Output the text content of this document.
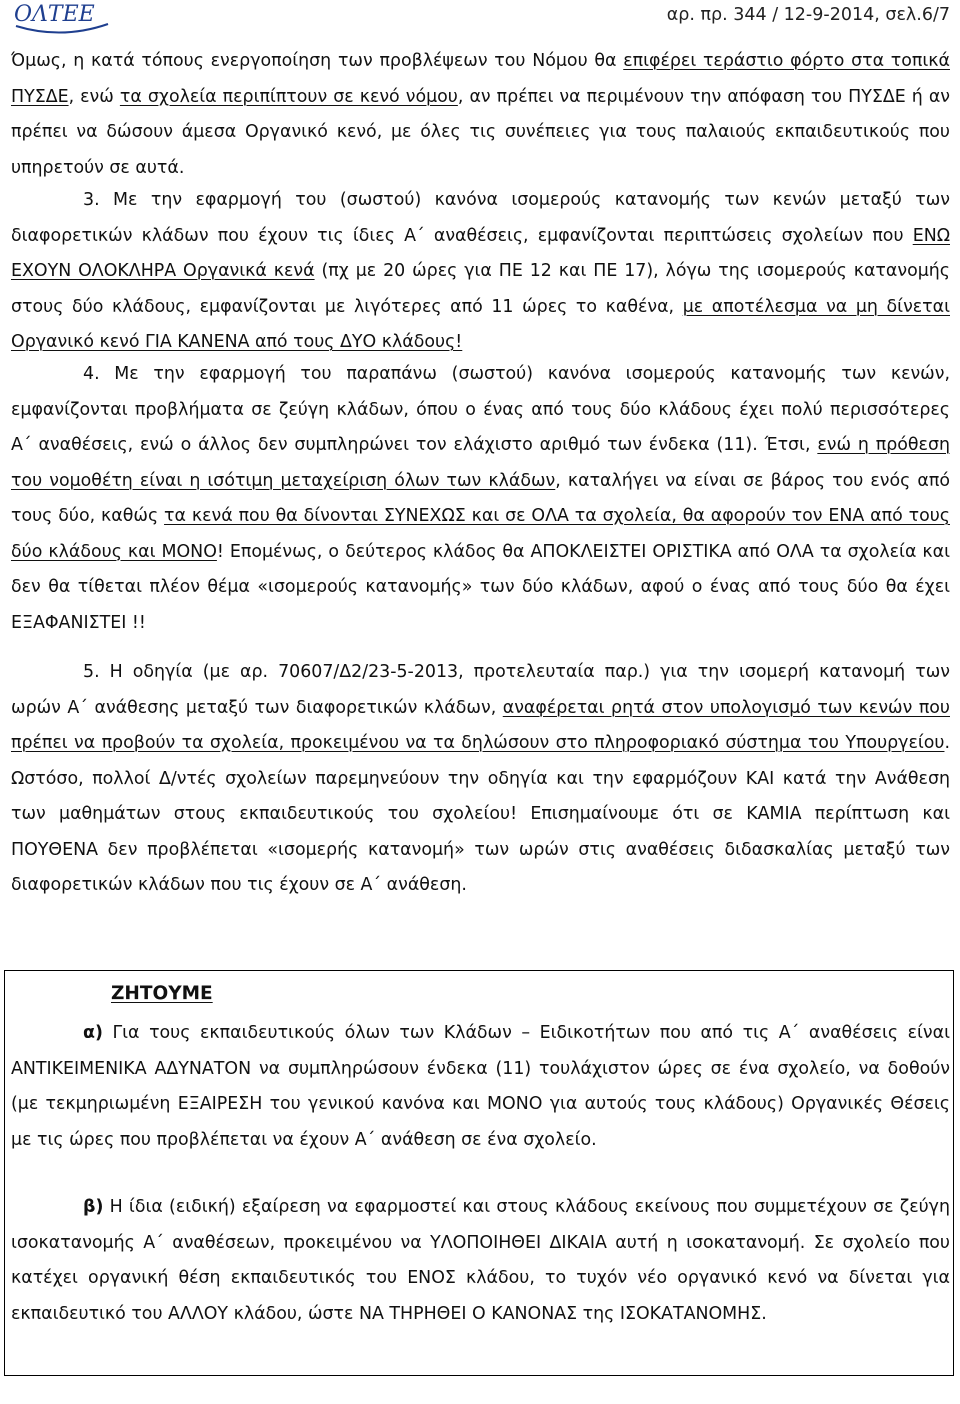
ΟΛΤΕΕ	αρ. πρ. 344 / 12-9-2014, σελ.6/7

Όμως, η κατά τόπους ενεργοποίηση των προβλέψεων του Νόμου θα επιφέρει τεράστιο φόρτο στα τοπικά ΠΥΣΔΕ, ενώ τα σχολεία περιπίπτουν σε κενό νόμου, αν πρέπει να περιμένουν την απόφαση του ΠΥΣΔΕ ή αν πρέπει να δώσουν άμεσα Οργανικό κενό, με όλες τις συνέπειες για τους παλαιούς εκπαιδευτικούς που υπηρετούν σε αυτά.

3. Με την εφαρμογή του (σωστού) κανόνα ισομερούς κατανομής των κενών μεταξύ των διαφορετικών κλάδων που έχουν τις ίδιες Α΄ αναθέσεις, εμφανίζονται περιπτώσεις σχολείων που ΕΝΩ ΕΧΟΥΝ ΟΛΟΚΛΗΡΑ Οργανικά κενά (πχ με 20 ώρες για ΠΕ 12 και ΠΕ 17), λόγω της ισομερούς κατανομής στους δύο κλάδους, εμφανίζονται με λιγότερες από 11 ώρες το καθένα, με αποτέλεσμα να μη δίνεται Οργανικό κενό ΓΙΑ ΚΑΝΕΝΑ από τους ΔΥΟ κλάδους!

4. Με την εφαρμογή του παραπάνω (σωστού) κανόνα ισομερούς κατανομής των κενών, εμφανίζονται προβλήματα σε ζεύγη κλάδων, όπου ο ένας από τους δύο κλάδους έχει πολύ περισσότερες Α΄ αναθέσεις, ενώ ο άλλος δεν συμπληρώνει τον ελάχιστο αριθμό των ένδεκα (11). Έτσι, ενώ η πρόθεση του νομοθέτη είναι η ισότιμη μεταχείριση όλων των κλάδων, καταλήγει να είναι σε βάρος του ενός από τους δύο, καθώς τα κενά που θα δίνονται ΣΥΝΕΧΩΣ και σε ΟΛΑ τα σχολεία, θα αφορούν τον ΕΝΑ από τους δύο κλάδους και ΜΟΝΟ! Επομένως, ο δεύτερος κλάδος θα ΑΠΟΚΛΕΙΣΤΕΙ ΟΡΙΣΤΙΚΑ από ΟΛΑ τα σχολεία και δεν θα τίθεται πλέον θέμα «ισομερούς κατανομής» των δύο κλάδων, αφού ο ένας από τους δύο θα έχει ΕΞΑΦΑΝΙΣΤΕΙ !!

5. Η οδηγία (με αρ. 70607/Δ2/23-5-2013, προτελευταία παρ.) για την ισομερή κατανομή των ωρών Α΄ ανάθεσης μεταξύ των διαφορετικών κλάδων, αναφέρεται ρητά στον υπολογισμό των κενών που πρέπει να προβούν τα σχολεία, προκειμένου να τα δηλώσουν στο πληροφοριακό σύστημα του Υπουργείου. Ωστόσο, πολλοί Δ/ντές σχολείων παρεμηνεύουν την οδηγία και την εφαρμόζουν ΚΑΙ κατά την Ανάθεση των μαθημάτων στους εκπαιδευτικούς του σχολείου! Επισημαίνουμε ότι σε ΚΑΜΙΑ περίπτωση και ΠΟΥΘΕΝΑ δεν προβλέπεται «ισομερής κατανομή» των ωρών στις αναθέσεις διδασκαλίας μεταξύ των διαφορετικών κλάδων που τις έχουν σε Α΄ ανάθεση.

ΖΗΤΟΥΜΕ

α) Για τους εκπαιδευτικούς όλων των Κλάδων – Ειδικοτήτων που από τις Α΄ αναθέσεις είναι ΑΝΤΙΚΕΙΜΕΝΙΚΑ ΑΔΥΝΑΤΟΝ να συμπληρώσουν ένδεκα (11) τουλάχιστον ώρες σε ένα σχολείο, να δοθούν (με τεκμηριωμένη ΕΞΑΙΡΕΣΗ του γενικού κανόνα και ΜΟΝΟ για αυτούς τους κλάδους) Οργανικές Θέσεις με τις ώρες που προβλέπεται να έχουν Α΄ ανάθεση σε ένα σχολείο.

β) Η ίδια (ειδική) εξαίρεση να εφαρμοστεί και στους κλάδους εκείνους που συμμετέχουν σε ζεύγη ισοκατανομής Α΄ αναθέσεων, προκειμένου να ΥΛΟΠΟΙΗΘΕΙ ΔΙΚΑΙΑ αυτή η ισοκατανομή. Σε σχολείο που κατέχει οργανική θέση εκπαιδευτικός του ΕΝΟΣ κλάδου, το τυχόν νέο οργανικό κενό να δίνεται για εκπαιδευτικό του ΑΛΛΟΥ κλάδου, ώστε ΝΑ ΤΗΡΗΘΕΙ Ο ΚΑΝΟΝΑΣ της ΙΣΟΚΑΤΑΝΟΜΗΣ.
